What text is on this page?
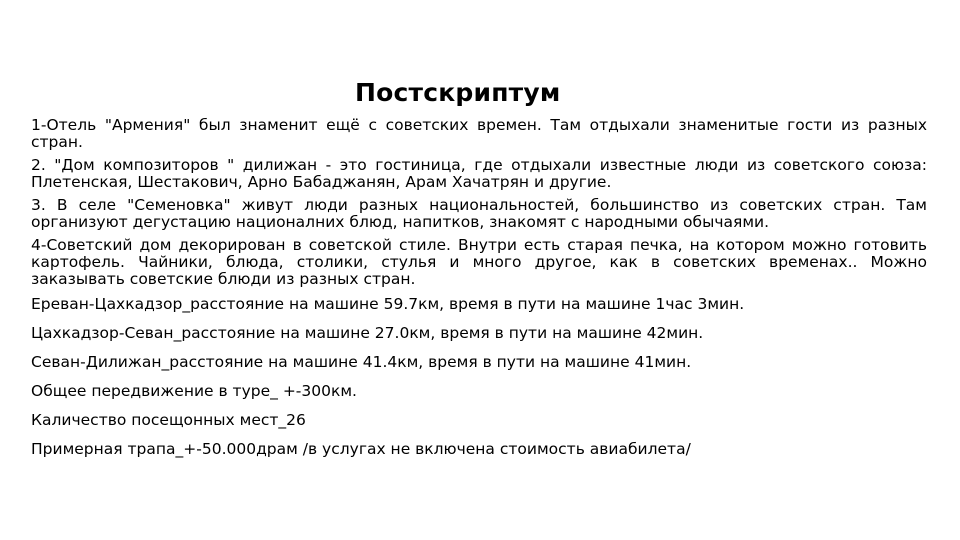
Постскриптум

1-Отель "Армения" был знаменит ещё с советских времен. Там отдыхали знаменитые гости из разных стран.

2. "Дом композиторов " дилижан - это гостиница, где отдыхали известные люди из советского союза: Плетенская, Шестакович, Арно Бабаджанян, Арам Хачатрян и другие.

3. В селе "Семеновка" живут люди разных национальностей, большинство из советских стран. Там организуют дегустацию националних блюд, напитков, знакомят с народными обычаями.

4-Советский дом декорирован в советской стиле. Внутри есть старая печка, на котором можно готовить картофель. Чайники, блюда, столики, стулья и много другое, как в советских временах.. Можно заказывать советские блюди из разных стран.

Ереван-Цахкадзор_расстояние на машине 59.7км, время в пути на машине 1час 3мин.

Цахкадзор-Севан_расстояние на машине 27.0км, время в пути на машине 42мин.

Севан-Дилижан_расстояние на машине 41.4км, время в пути на машине 41мин.

Общее передвижение в туре_ +-300км.

Каличество посещонных мест_26

Примерная трапа_+-50.000драм /в услугах не включена стоимость авиабилета/
